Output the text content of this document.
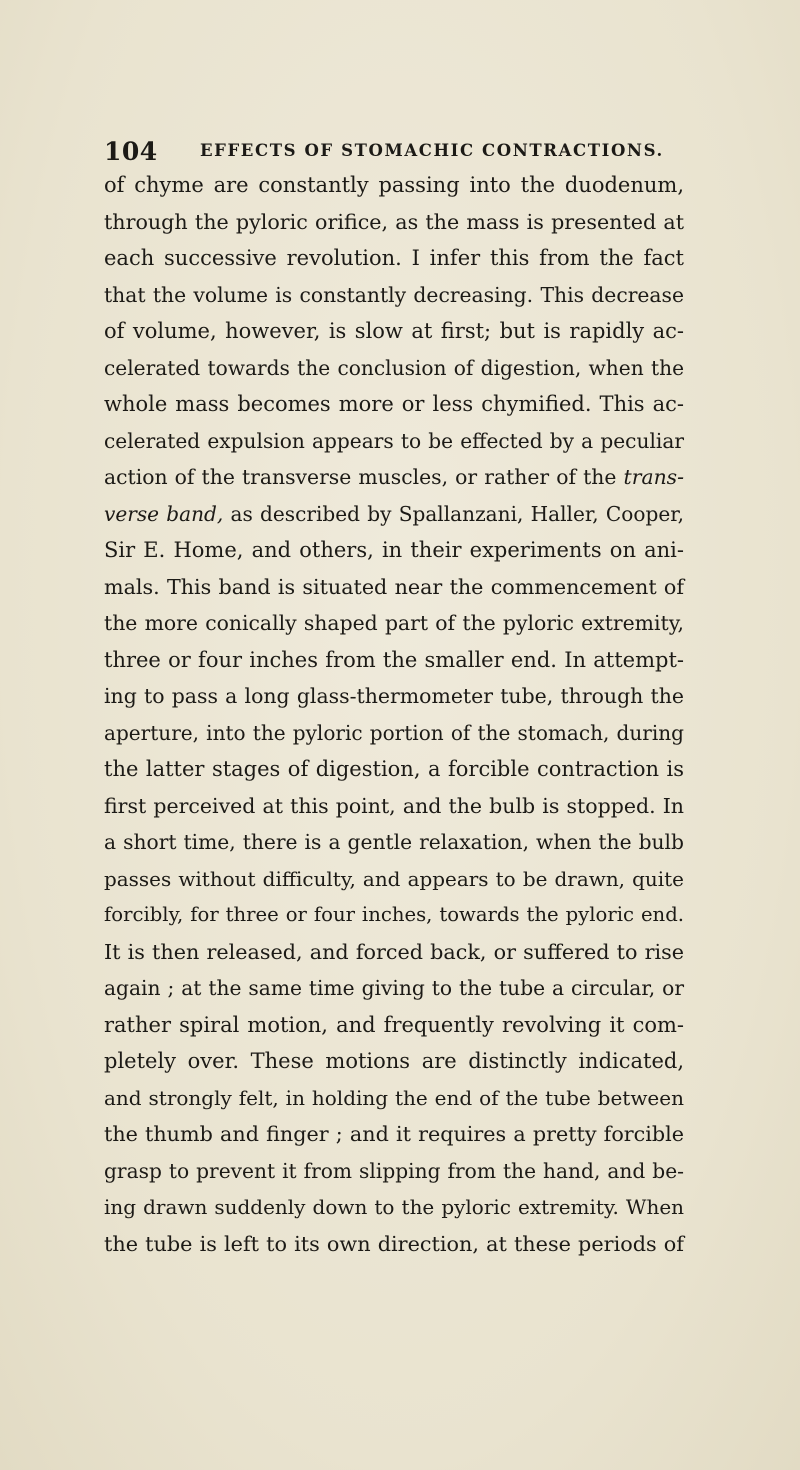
104	EFFECTS OF STOMACHIC CONTRACTIONS.
of chyme are constantly passing into the duodenum,
through the pyloric orifice, as the mass is presented at
each successive revolution. I infer this from the fact
that the volume is constantly decreasing. This decrease
of volume, however, is slow at first; but is rapidly ac-
celerated towards the conclusion of digestion, when the
whole mass becomes more or less chymified. This ac-
celerated expulsion appears to be effected by a peculiar
action of the transverse muscles, or rather of the trans-
verse band, as described by Spallanzani, Haller, Cooper,
Sir E. Home, and others, in their experiments on ani-
mals. This band is situated near the commencement of
the more conically shaped part of the pyloric extremity,
three or four inches from the smaller end. In attempt-
ing to pass a long glass-thermometer tube, through the
aperture, into the pyloric portion of the stomach, during
the latter stages of digestion, a forcible contraction is
first perceived at this point, and the bulb is stopped. In
a short time, there is a gentle relaxation, when the bulb
passes without difficulty, and appears to be drawn, quite
forcibly, for three or four inches, towards the pyloric end.
It is then released, and forced back, or suffered to rise
again ; at the same time giving to the tube a circular, or
rather spiral motion, and frequently revolving it com-
pletely over. These motions are distinctly indicated,
and strongly felt, in holding the end of the tube between
the thumb and finger ; and it requires a pretty forcible
grasp to prevent it from slipping from the hand, and be-
ing drawn suddenly down to the pyloric extremity. When
the tube is left to its own direction, at these periods of
